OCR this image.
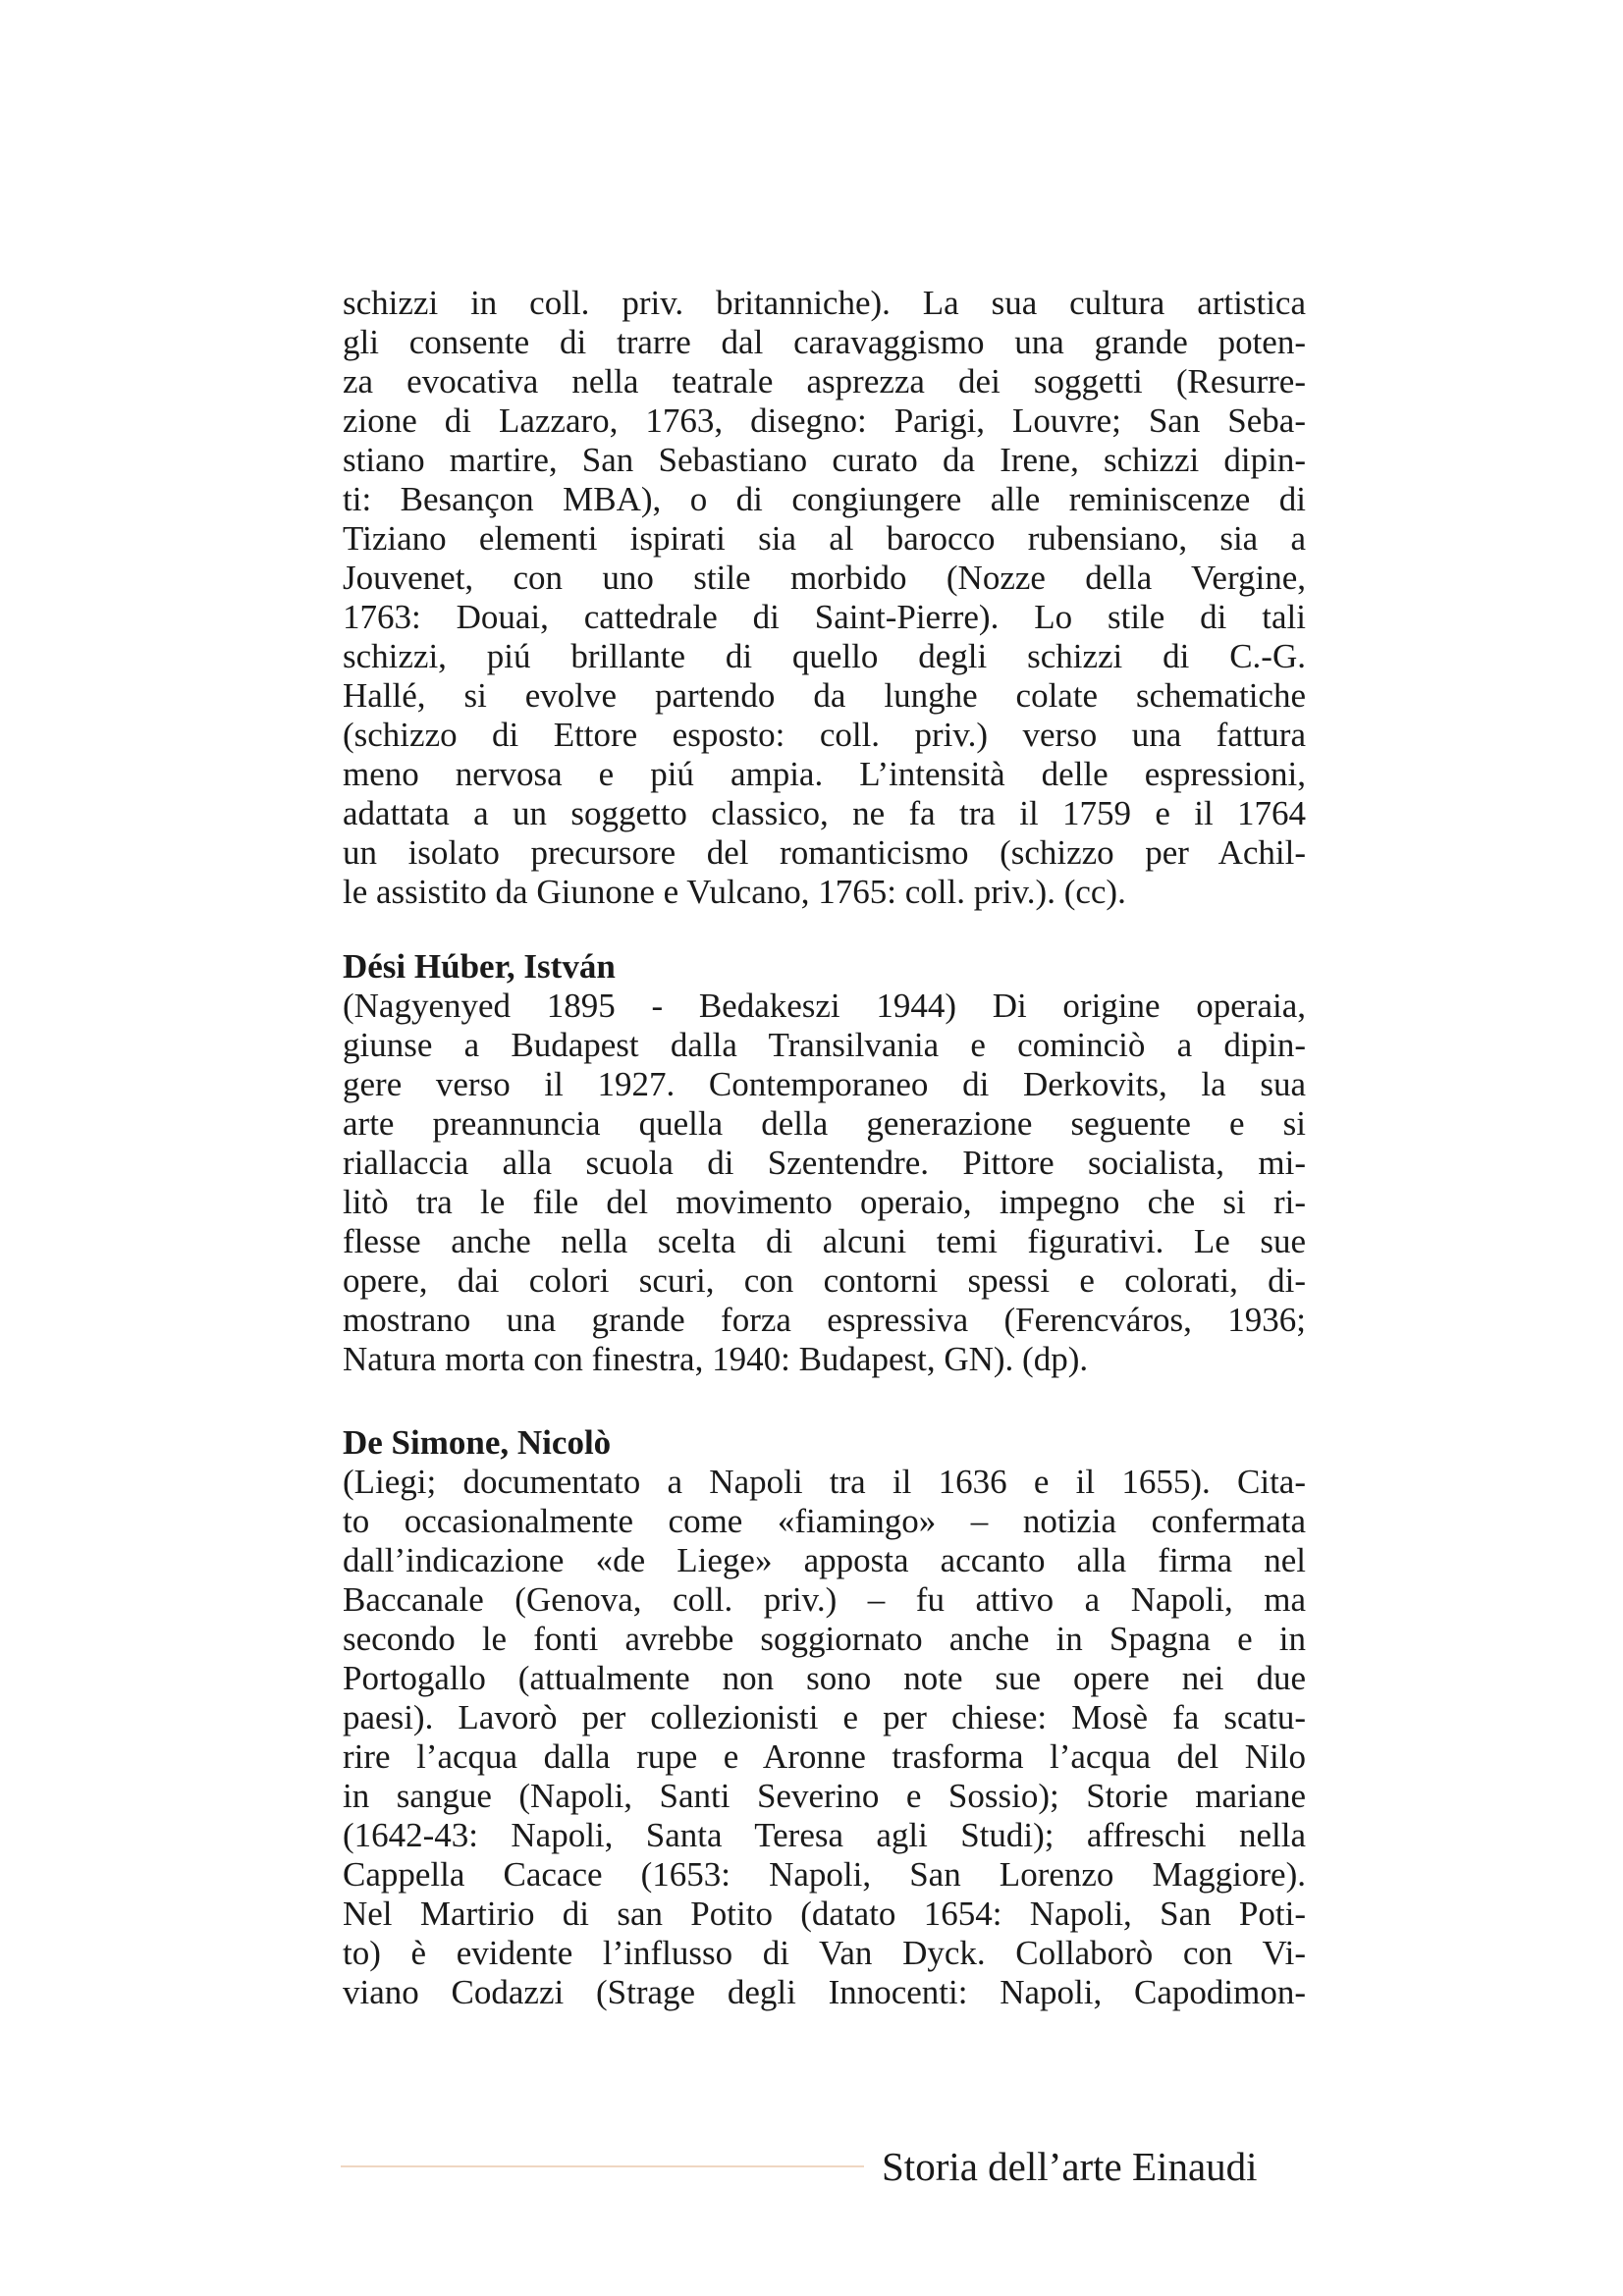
schizzi in coll. priv. britanniche). La sua cultura artistica
gli consente di trarre dal caravaggismo una grande poten-
za evocativa nella teatrale asprezza dei soggetti (Resurre-
zione di Lazzaro, 1763, disegno: Parigi, Louvre; San Seba-
stiano martire, San Sebastiano curato da Irene, schizzi dipin-
ti: Besançon MBA), o di congiungere alle reminiscenze di
Tiziano elementi ispirati sia al barocco rubensiano, sia a
Jouvenet, con uno stile morbido (Nozze della Vergine,
1763: Douai, cattedrale di Saint-Pierre). Lo stile di tali
schizzi, piú brillante di quello degli schizzi di C.-G.
Hallé, si evolve partendo da lunghe colate schematiche
(schizzo di Ettore esposto: coll. priv.) verso una fattura
meno nervosa e piú ampia. L’intensità delle espressioni,
adattata a un soggetto classico, ne fa tra il 1759 e il 1764
un isolato precursore del romanticismo (schizzo per Achil-
le assistito da Giunone e Vulcano, 1765: coll. priv.). (cc).
Dési Húber, István
(Nagyenyed 1895 - Bedakeszi 1944) Di origine operaia,
giunse a Budapest dalla Transilvania e cominciò a dipin-
gere verso il 1927. Contemporaneo di Derkovits, la sua
arte preannuncia quella della generazione seguente e si
riallaccia alla scuola di Szentendre. Pittore socialista, mi-
litò tra le file del movimento operaio, impegno che si ri-
flesse anche nella scelta di alcuni temi figurativi. Le sue
opere, dai colori scuri, con contorni spessi e colorati, di-
mostrano una grande forza espressiva (Ferencváros, 1936;
Natura morta con finestra, 1940: Budapest, GN). (dp).
De Simone, Nicolò
(Liegi; documentato a Napoli tra il 1636 e il 1655). Cita-
to occasionalmente come «fiamingo» – notizia confermata
dall’indicazione «de Liege» apposta accanto alla firma nel
Baccanale (Genova, coll. priv.) – fu attivo a Napoli, ma
secondo le fonti avrebbe soggiornato anche in Spagna e in
Portogallo (attualmente non sono note sue opere nei due
paesi). Lavorò per collezionisti e per chiese: Mosè fa scatu-
rire l’acqua dalla rupe e Aronne trasforma l’acqua del Nilo
in sangue (Napoli, Santi Severino e Sossio); Storie mariane
(1642-43: Napoli, Santa Teresa agli Studi); affreschi nella
Cappella Cacace (1653: Napoli, San Lorenzo Maggiore).
Nel Martirio di san Potito (datato 1654: Napoli, San Poti-
to) è evidente l’influsso di Van Dyck. Collaborò con Vi-
viano Codazzi (Strage degli Innocenti: Napoli, Capodimon-
Storia dell’arte Einaudi
